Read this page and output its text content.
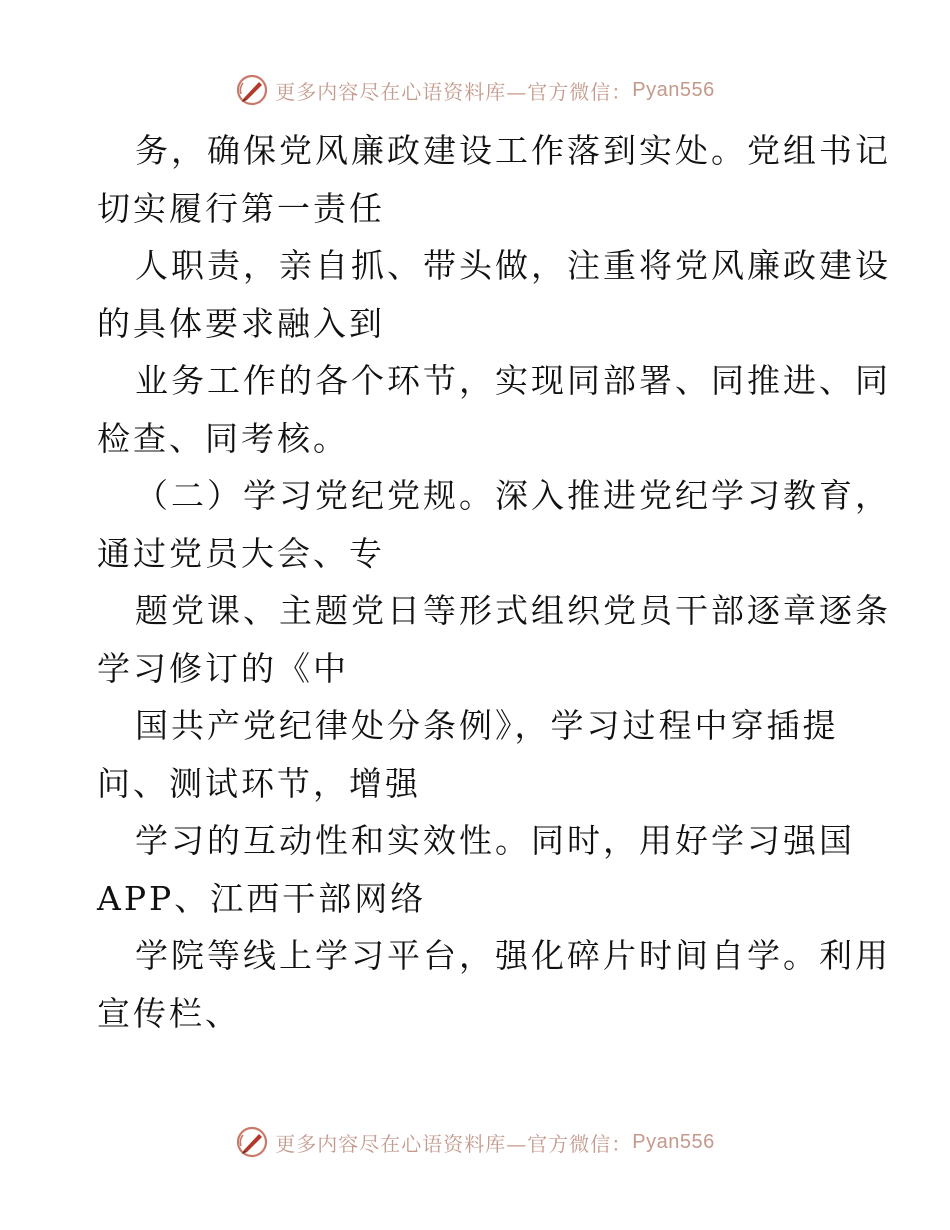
更多内容尽在心语资料库—官方微信： Pyan556
务，确保党风廉政建设工作落到实处。党组书记
切实履行第一责任
人职责，亲自抓、带头做，注重将党风廉政建设
的具体要求融入到
业务工作的各个环节，实现同部署、同推进、同
检查、同考核。
（二）学习党纪党规。深入推进党纪学习教育，
通过党员大会、专
题党课、主题党日等形式组织党员干部逐章逐条
学习修订的《中
国共产党纪律处分条例》，学习过程中穿插提
问、测试环节，增强
学习的互动性和实效性。同时，用好学习强国
APP、江西干部网络
学院等线上学习平台，强化碎片时间自学。利用
宣传栏、
更多内容尽在心语资料库—官方微信： Pyan556
